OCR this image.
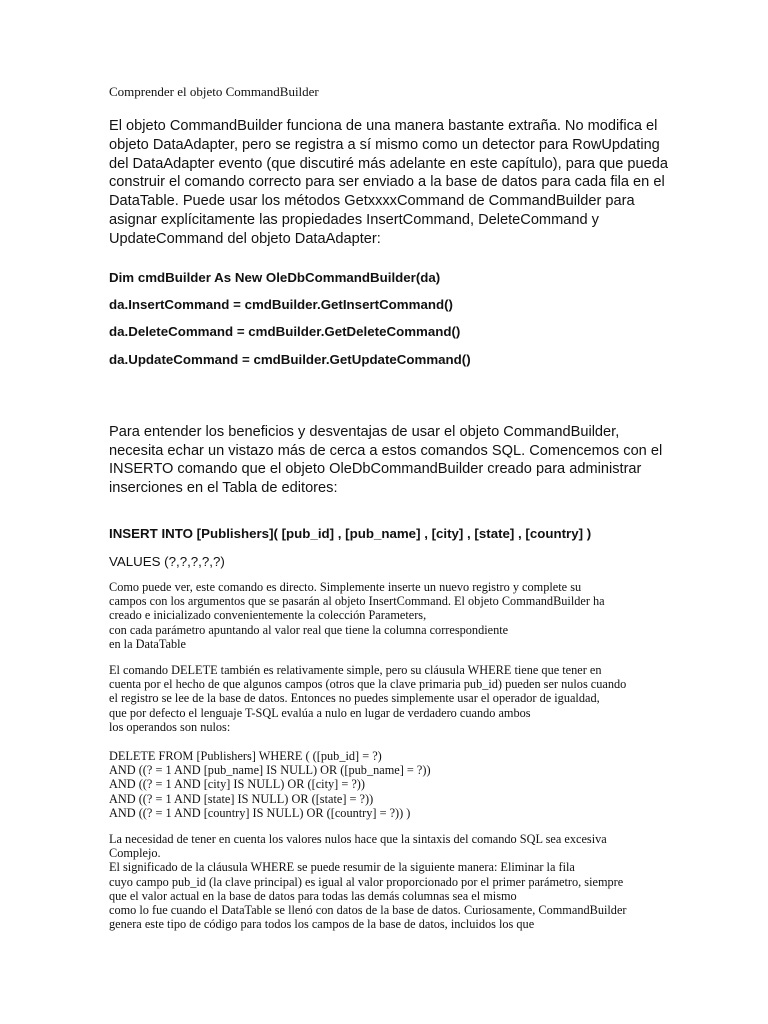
Comprender el objeto CommandBuilder
El objeto CommandBuilder funciona de una manera bastante extraña. No modifica el
objeto DataAdapter, pero se registra a sí mismo como un detector para RowUpdating
del DataAdapter evento (que discutiré más adelante en este capítulo), para que pueda
construir el comando correcto para ser enviado a la base de datos para cada fila en el
DataTable. Puede usar los métodos GetxxxxCommand de CommandBuilder para
asignar explícitamente las propiedades InsertCommand, DeleteCommand y
UpdateCommand del objeto DataAdapter:
Dim cmdBuilder As New OleDbCommandBuilder(da)
da.InsertCommand = cmdBuilder.GetInsertCommand()
da.DeleteCommand = cmdBuilder.GetDeleteCommand()
da.UpdateCommand = cmdBuilder.GetUpdateCommand()
Para entender los beneficios y desventajas de usar el objeto CommandBuilder,
necesita echar un vistazo más de cerca a estos comandos SQL. Comencemos con el
INSERTO comando que el objeto OleDbCommandBuilder creado para administrar
inserciones en el Tabla de editores:
INSERT INTO [Publishers]( [pub_id] , [pub_name] , [city] , [state] , [country] )
VALUES (?,?,?,?,?)
Como puede ver, este comando es directo. Simplemente inserte un nuevo registro y complete su
campos con los argumentos que se pasarán al objeto InsertCommand. El objeto CommandBuilder ha
creado e inicializado convenientemente la colección Parameters,
con cada parámetro apuntando al valor real que tiene la columna correspondiente
en la DataTable
El comando DELETE también es relativamente simple, pero su cláusula WHERE tiene que tener en
cuenta por el hecho de que algunos campos (otros que la clave primaria pub_id) pueden ser nulos cuando
el registro se lee de la base de datos. Entonces no puedes simplemente usar el operador de igualdad,
que por defecto el lenguaje T-SQL evalúa a nulo en lugar de verdadero cuando ambos
los operandos son nulos:
DELETE FROM [Publishers] WHERE ( ([pub_id] = ?)
AND ((? = 1 AND [pub_name] IS NULL) OR ([pub_name] = ?))
AND ((? = 1 AND [city] IS NULL) OR ([city] = ?))
AND ((? = 1 AND [state] IS NULL) OR ([state] = ?))
AND ((? = 1 AND [country] IS NULL) OR ([country] = ?)) )
La necesidad de tener en cuenta los valores nulos hace que la sintaxis del comando SQL sea excesiva
Complejo.
El significado de la cláusula WHERE se puede resumir de la siguiente manera: Eliminar la fila
cuyo campo pub_id (la clave principal) es igual al valor proporcionado por el primer parámetro, siempre
que el valor actual en la base de datos para todas las demás columnas sea el mismo
como lo fue cuando el DataTable se llenó con datos de la base de datos. Curiosamente, CommandBuilder
genera este tipo de código para todos los campos de la base de datos, incluidos los que
